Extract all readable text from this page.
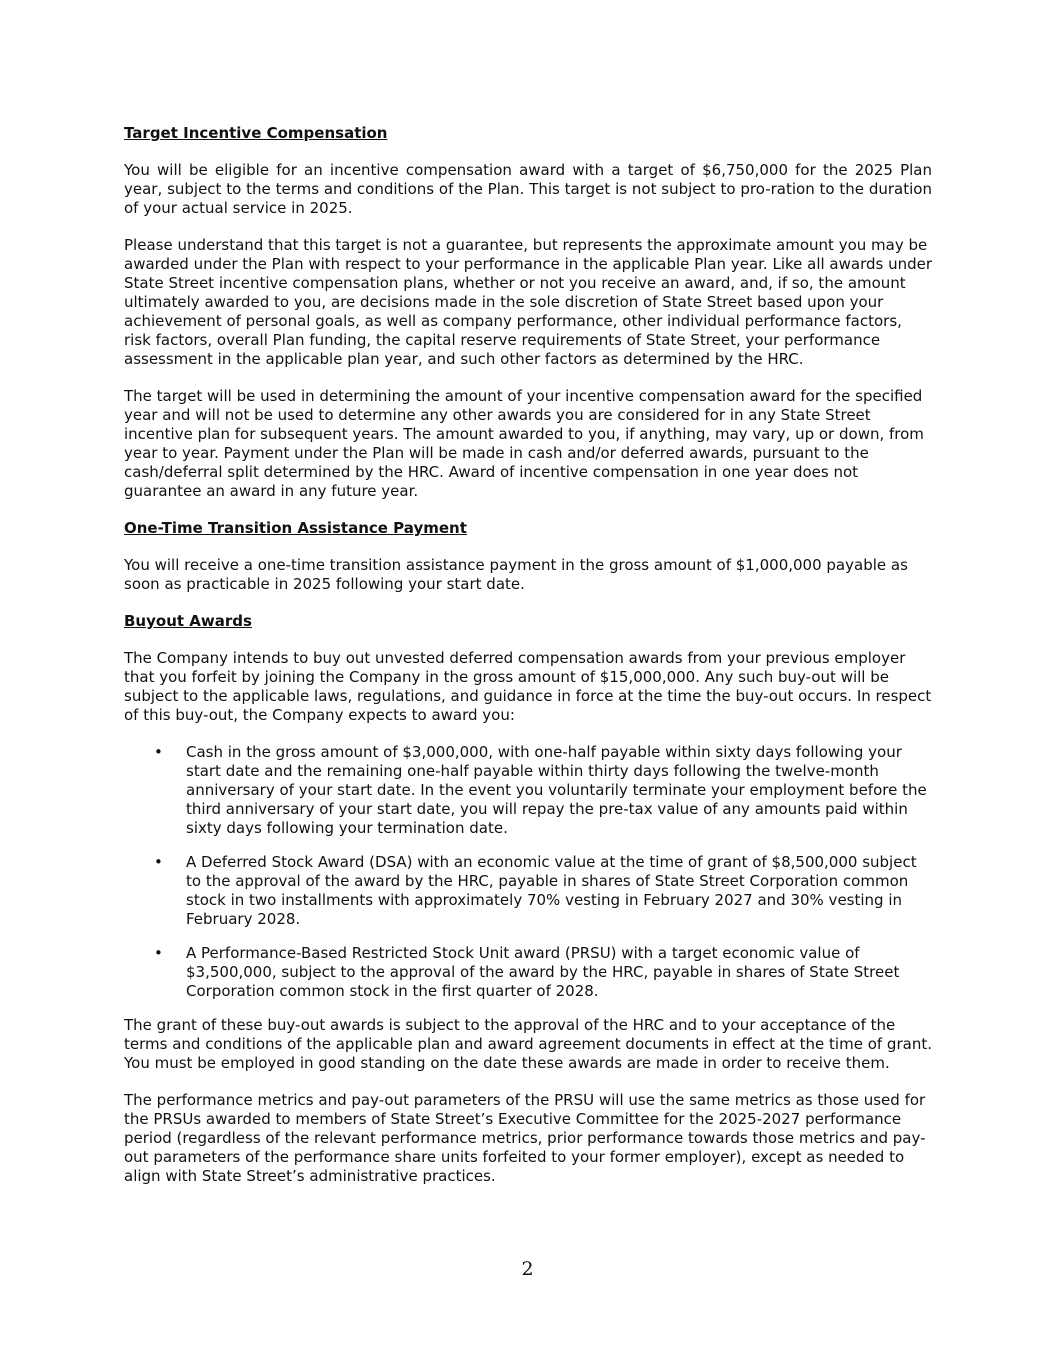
Target Incentive Compensation

You will be eligible for an incentive compensation award with a target of $6,750,000 for the 2025 Plan year, subject to the terms and conditions of the Plan. This target is not subject to pro-ration to the duration of your actual service in 2025.

Please understand that this target is not a guarantee, but represents the approximate amount you may be awarded under the Plan with respect to your performance in the applicable Plan year. Like all awards under State Street incentive compensation plans, whether or not you receive an award, and, if so, the amount ultimately awarded to you, are decisions made in the sole discretion of State Street based upon your achievement of personal goals, as well as company performance, other individual performance factors, risk factors, overall Plan funding, the capital reserve requirements of State Street, your performance assessment in the applicable plan year, and such other factors as determined by the HRC.

The target will be used in determining the amount of your incentive compensation award for the specified year and will not be used to determine any other awards you are considered for in any State Street incentive plan for subsequent years. The amount awarded to you, if anything, may vary, up or down, from year to year. Payment under the Plan will be made in cash and/or deferred awards, pursuant to the cash/deferral split determined by the HRC. Award of incentive compensation in one year does not guarantee an award in any future year.

One-Time Transition Assistance Payment

You will receive a one-time transition assistance payment in the gross amount of $1,000,000 payable as soon as practicable in 2025 following your start date.

Buyout Awards

The Company intends to buy out unvested deferred compensation awards from your previous employer that you forfeit by joining the Company in the gross amount of $15,000,000. Any such buy-out will be subject to the applicable laws, regulations, and guidance in force at the time the buy-out occurs. In respect of this buy-out, the Company expects to award you:

• Cash in the gross amount of $3,000,000, with one-half payable within sixty days following your start date and the remaining one-half payable within thirty days following the twelve-month anniversary of your start date. In the event you voluntarily terminate your employment before the third anniversary of your start date, you will repay the pre-tax value of any amounts paid within sixty days following your termination date.
• A Deferred Stock Award (DSA) with an economic value at the time of grant of $8,500,000 subject to the approval of the award by the HRC, payable in shares of State Street Corporation common stock in two installments with approximately 70% vesting in February 2027 and 30% vesting in February 2028.
• A Performance-Based Restricted Stock Unit award (PRSU) with a target economic value of $3,500,000, subject to the approval of the award by the HRC, payable in shares of State Street Corporation common stock in the first quarter of 2028.

The grant of these buy-out awards is subject to the approval of the HRC and to your acceptance of the terms and conditions of the applicable plan and award agreement documents in effect at the time of grant. You must be employed in good standing on the date these awards are made in order to receive them.

The performance metrics and pay-out parameters of the PRSU will use the same metrics as those used for the PRSUs awarded to members of State Street’s Executive Committee for the 2025-2027 performance period (regardless of the relevant performance metrics, prior performance towards those metrics and pay-out parameters of the performance share units forfeited to your former employer), except as needed to align with State Street’s administrative practices.

2
